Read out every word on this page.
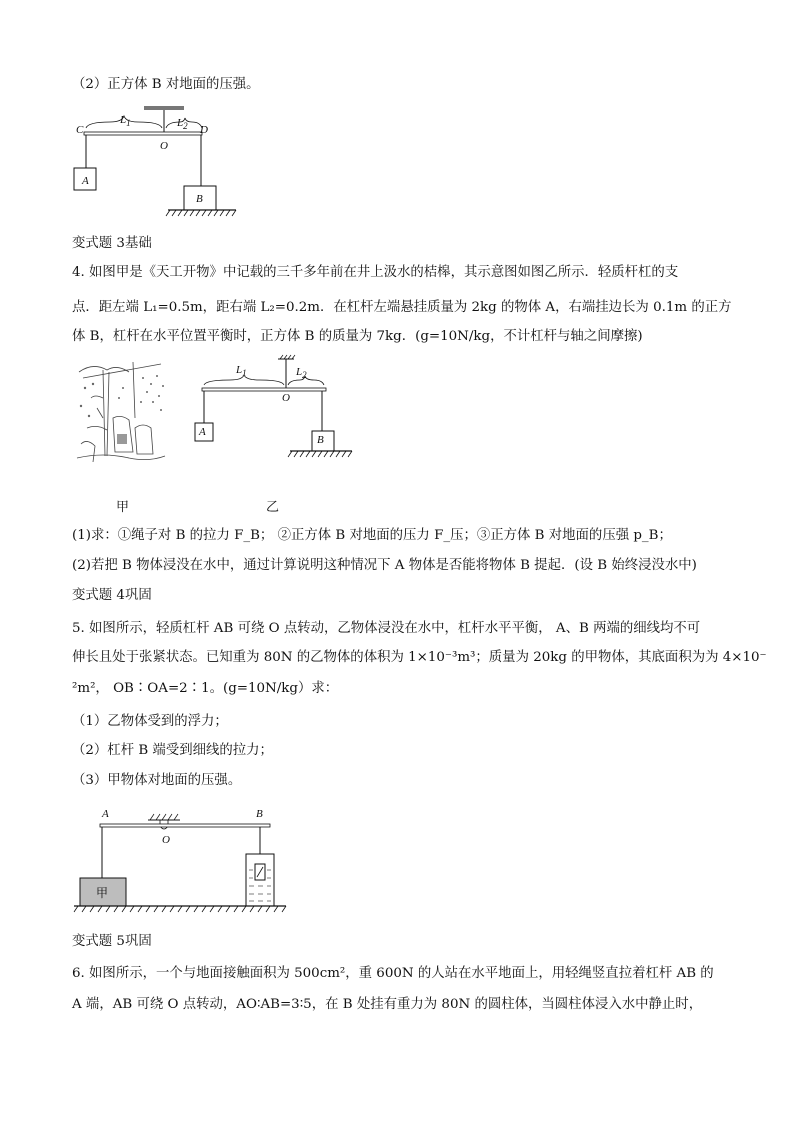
（2）正方体 B 对地面的压强。
C
$L_1$	$L_2$ D
O
A
B
变式题 3基础
4. 如图甲是《天工开物》中记载的三千多年前在井上汲水的桔槔，其示意图如图乙所示．轻质杆杠的支
点．距左端 L₁=0.5m，距右端 L₂=0.2m．在杠杆左端悬挂质量为 2kg 的物体 A，右端挂边长为 0.1m 的正方
体 B，杠杆在水平位置平衡时，正方体 B 的质量为 7kg．(g=10N/kg，不计杠杆与轴之间摩擦)
$L_1$	$L_2$
O
A
B
甲	乙
(1)求：①绳子对 B 的拉力 F_B； ②正方体 B 对地面的压力 F_压；③正方体 B 对地面的压强 p_B；
(2)若把 B 物体浸没在水中，通过计算说明这种情况下 A 物体是否能将物体 B 提起．(设 B 始终浸没水中)
变式题 4巩固
5. 如图所示，轻质杠杆 AB 可绕 O 点转动，乙物体浸没在水中，杠杆水平平衡， A、B 两端的细线均不可
伸长且处于张紧状态。已知重为 80N 的乙物体的体积为 1×10⁻³m³；质量为 20kg 的甲物体，其底面积为为 4×10⁻
²m²， OB∶OA=2∶1。(g=10N/kg）求：
（1）乙物体受到的浮力；
（2）杠杆 B 端受到细线的拉力；
（3）甲物体对地面的压强。
A	B
O
甲
变式题 5巩固
6. 如图所示，一个与地面接触面积为 500cm²，重 600N 的人站在水平地面上，用轻绳竖直拉着杠杆 AB 的
A 端，AB 可绕 O 点转动，AO∶AB=3∶5，在 B 处挂有重力为 80N 的圆柱体，当圆柱体浸入水中静止时，
